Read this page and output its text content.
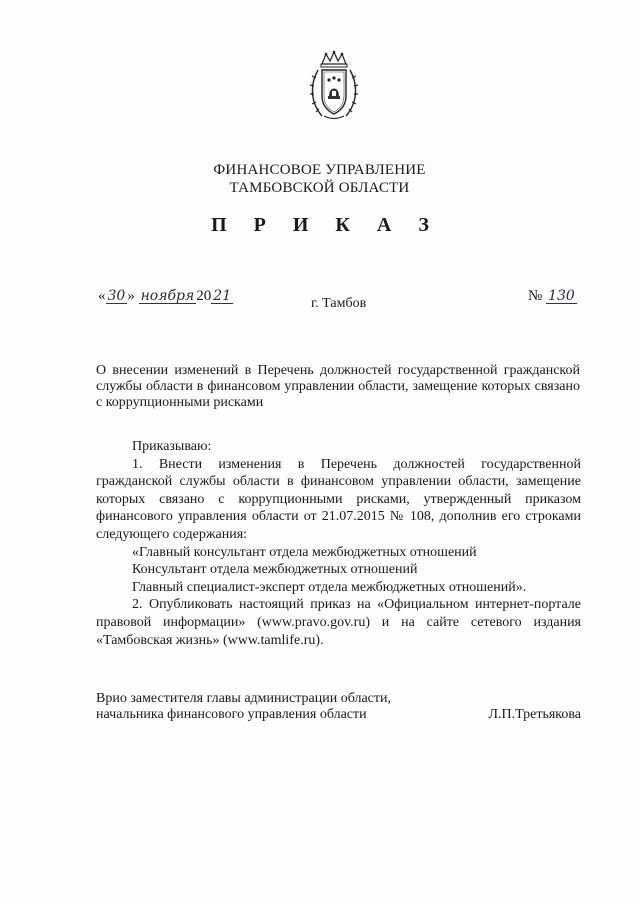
ФИНАНСОВОЕ УПРАВЛЕНИЕ
ТАМБОВСКОЙ ОБЛАСТИ
П Р И К А З
« 30 » ноября 20 21	г. Тамбов	№ 130
О внесении изменений в Перечень должностей государственной гражданской службы области в финансовом управлении области, замещение которых связано с коррупционными рисками

Приказываю:

1. Внести изменения в Перечень должностей государственной гражданской службы области в финансовом управлении области, замещение которых связано с коррупционными рисками, утвержденный приказом финансового управления области от 21.07.2015 № 108, дополнив его строками следующего содержания:

«Главный консультант отдела межбюджетных отношений

Консультант отдела межбюджетных отношений

Главный специалист-эксперт отдела межбюджетных отношений».

2. Опубликовать настоящий приказ на «Официальном интернет-портале правовой информации» (www.pravo.gov.ru) и на сайте сетевого издания «Тамбовская жизнь» (www.tamlife.ru).

Врио заместителя главы администрации области,
начальника финансового управления области	Л.П.Третьякова
